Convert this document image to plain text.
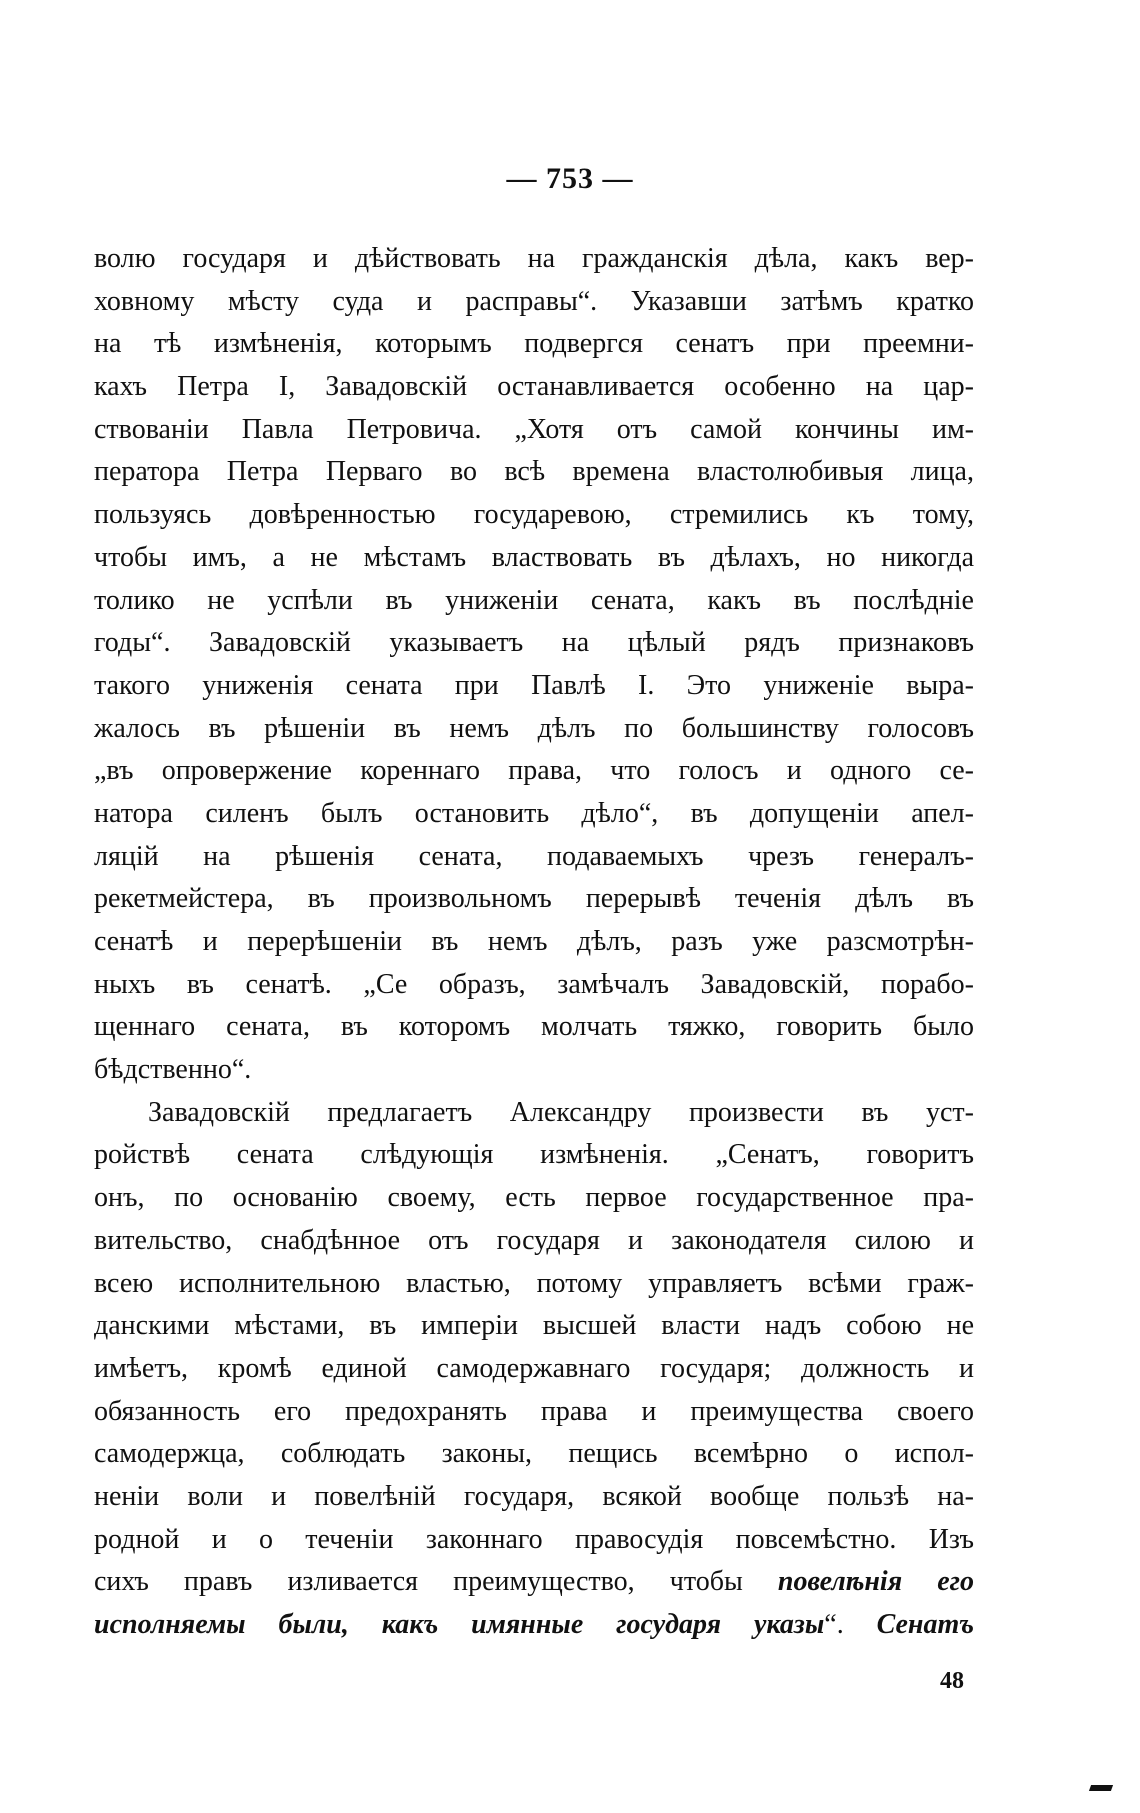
— 753 —
волю государя и дѣйствовать на гражданскія дѣла, какъ вер-
ховному мѣсту суда и расправы“. Указавши затѣмъ кратко
на тѣ измѣненія, которымъ подвергся сенатъ при преемни-
кахъ Петра I, Завадовскій останавливается особенно на цар-
ствованіи Павла Петровича. „Хотя отъ самой кончины им-
ператора Петра Перваго во всѣ времена властолюбивыя лица,
пользуясь довѣренностью государевою, стремились къ тому,
чтобы имъ, а не мѣстамъ властвовать въ дѣлахъ, но никогда
толико не успѣли въ униженіи сената, какъ въ послѣдніе
годы“. Завадовскій указываетъ на цѣлый рядъ признаковъ
такого униженія сената при Павлѣ I. Это униженіе выра-
жалось въ рѣшеніи въ немъ дѣлъ по большинству голосовъ
„въ опровержение кореннаго права, что голосъ и одного се-
натора силенъ былъ остановить дѣло“, въ допущеніи апел-
ляцій на рѣшенія сената, подаваемыхъ чрезъ генералъ-
рекетмейстера, въ произвольномъ перерывѣ теченія дѣлъ въ
сенатѣ и перерѣшеніи въ немъ дѣлъ, разъ уже разсмотрѣн-
ныхъ въ сенатѣ. „Се образъ, замѣчалъ Завадовскій, порабо-
щеннаго сената, въ которомъ молчать тяжко, говорить было
бѣдственно“.
Завадовскій предлагаетъ Александру произвести въ уст-
ройствѣ сената слѣдующія измѣненія. „Сенатъ, говоритъ
онъ, по основанію своему, есть первое государственное пра-
вительство, снабдѣнное отъ государя и законодателя силою и
всею исполнительною властью, потому управляетъ всѣми граж-
данскими мѣстами, въ имперіи высшей власти надъ собою не
имѣетъ, кромѣ единой самодержавнаго государя; должность и
обязанность его предохранять права и преимущества своего
самодержца, соблюдать законы, пещись всемѣрно о испол-
неніи воли и повелѣній государя, всякой вообще пользѣ на-
родной и о теченіи законнаго правосудія повсемѣстно. Изъ
сихъ правъ изливается преимущество, чтобы повелѣнія его
исполняемы были, какъ имянные государя указы“. Сенатъ
48
